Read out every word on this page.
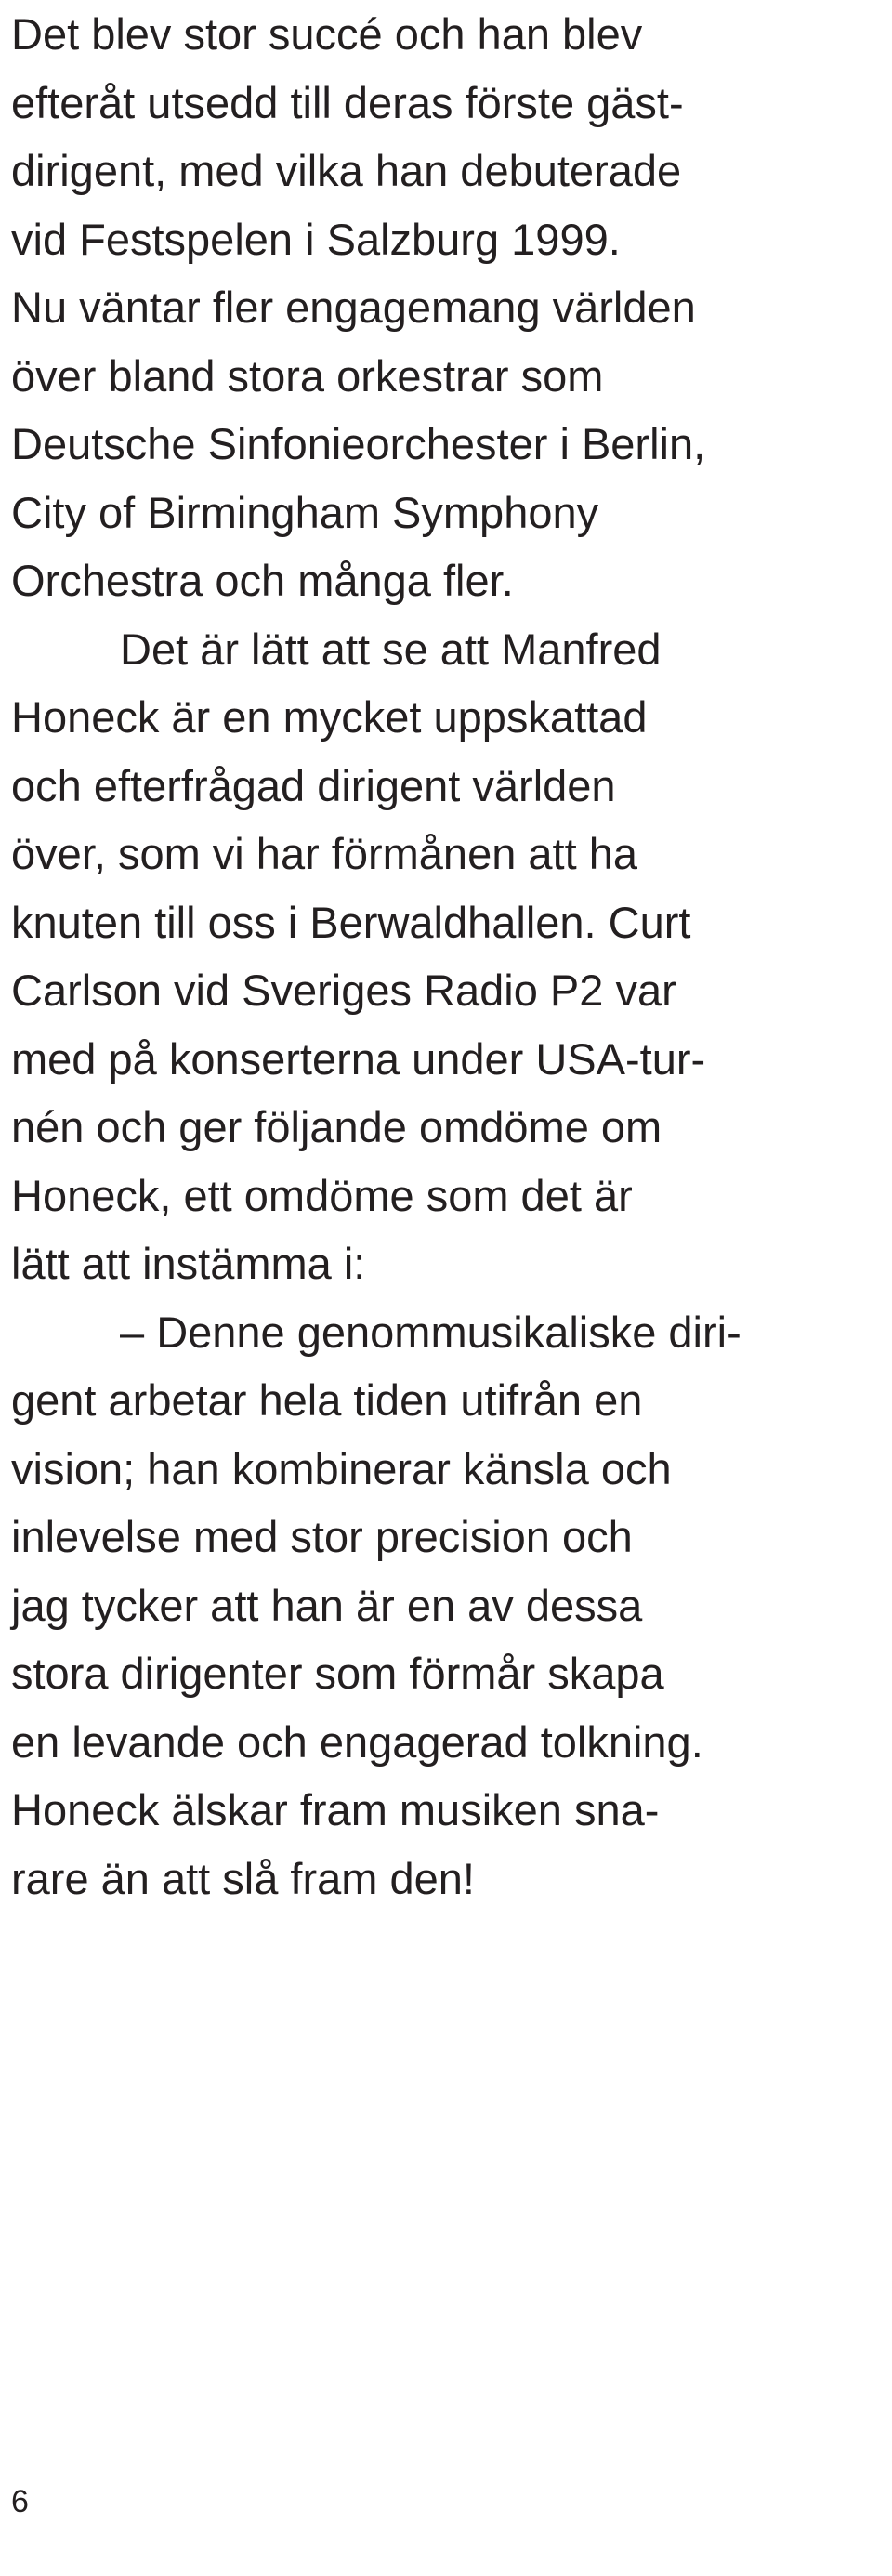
Det blev stor succé och han blev
efteråt utsedd till deras förste gäst-
dirigent, med vilka han debuterade
vid Festspelen i Salzburg 1999.
Nu väntar fler engagemang världen
över bland stora orkestrar som
Deutsche Sinfonieorchester i Berlin,
City of Birmingham Symphony
Orchestra och många fler.
Det är lätt att se att Manfred
Honeck är en mycket uppskattad
och efterfrågad dirigent världen
över, som vi har förmånen att ha
knuten till oss i Berwaldhallen. Curt
Carlson vid Sveriges Radio P2 var
med på konserterna under USA-tur-
nén och ger följande omdöme om
Honeck, ett omdöme som det är
lätt att instämma i:
– Denne genommusikaliske diri-
gent arbetar hela tiden utifrån en
vision; han kombinerar känsla och
inlevelse med stor precision och
jag tycker att han är en av dessa
stora dirigenter som förmår skapa
en levande och engagerad tolkning.
Honeck älskar fram musiken sna-
rare än att slå fram den!
6
